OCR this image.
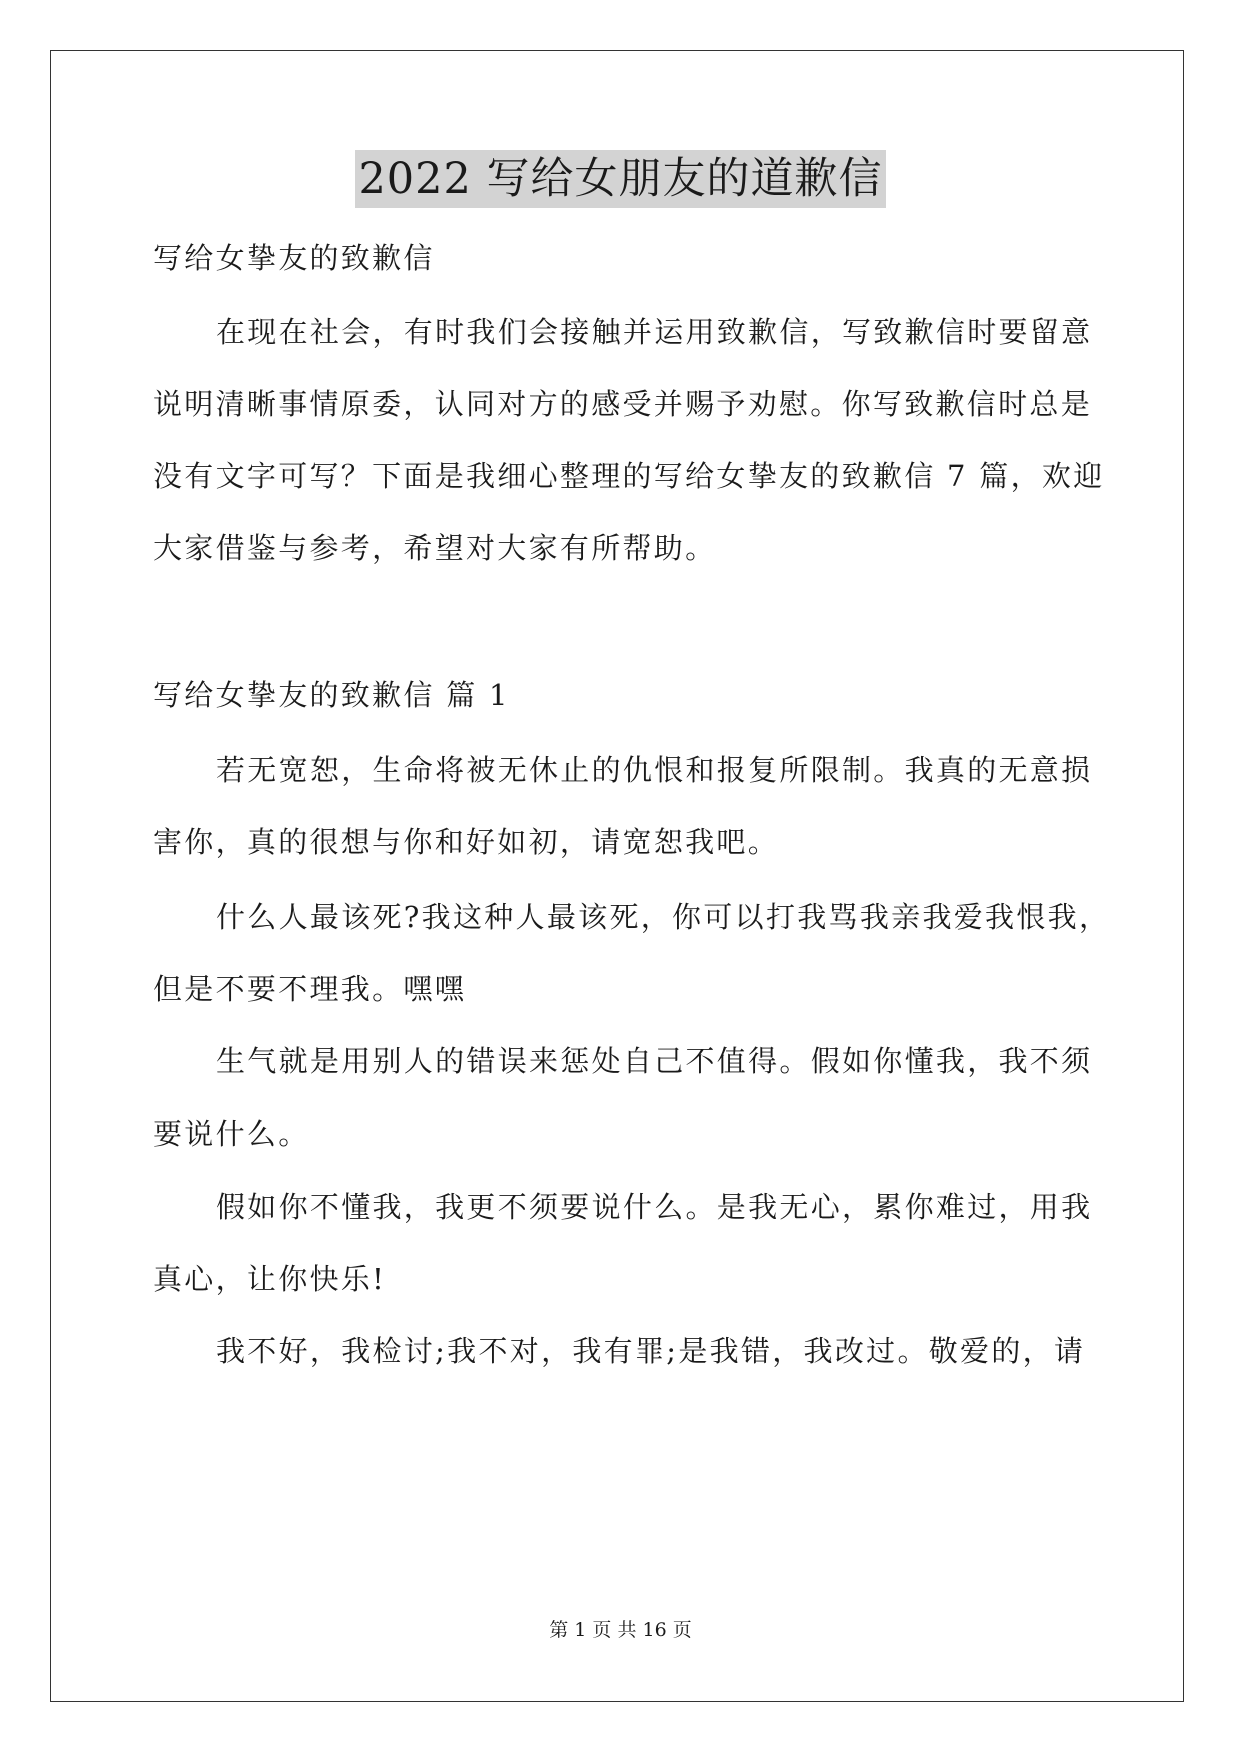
2022 写给女朋友的道歉信

写给女挚友的致歉信

在现在社会，有时我们会接触并运用致歉信，写致歉信时要留意

说明清晰事情原委，认同对方的感受并赐予劝慰。你写致歉信时总是

没有文字可写？下面是我细心整理的写给女挚友的致歉信 7 篇，欢迎

大家借鉴与参考，希望对大家有所帮助。

写给女挚友的致歉信 篇 1

若无宽恕，生命将被无休止的仇恨和报复所限制。我真的无意损

害你，真的很想与你和好如初，请宽恕我吧。

什么人最该死?我这种人最该死，你可以打我骂我亲我爱我恨我，

但是不要不理我。嘿嘿

生气就是用别人的错误来惩处自己不值得。假如你懂我，我不须

要说什么。

假如你不懂我，我更不须要说什么。是我无心，累你难过，用我

真心，让你快乐!

我不好，我检讨;我不对，我有罪;是我错，我改过。敬爱的，请

第 1 页 共 16 页
